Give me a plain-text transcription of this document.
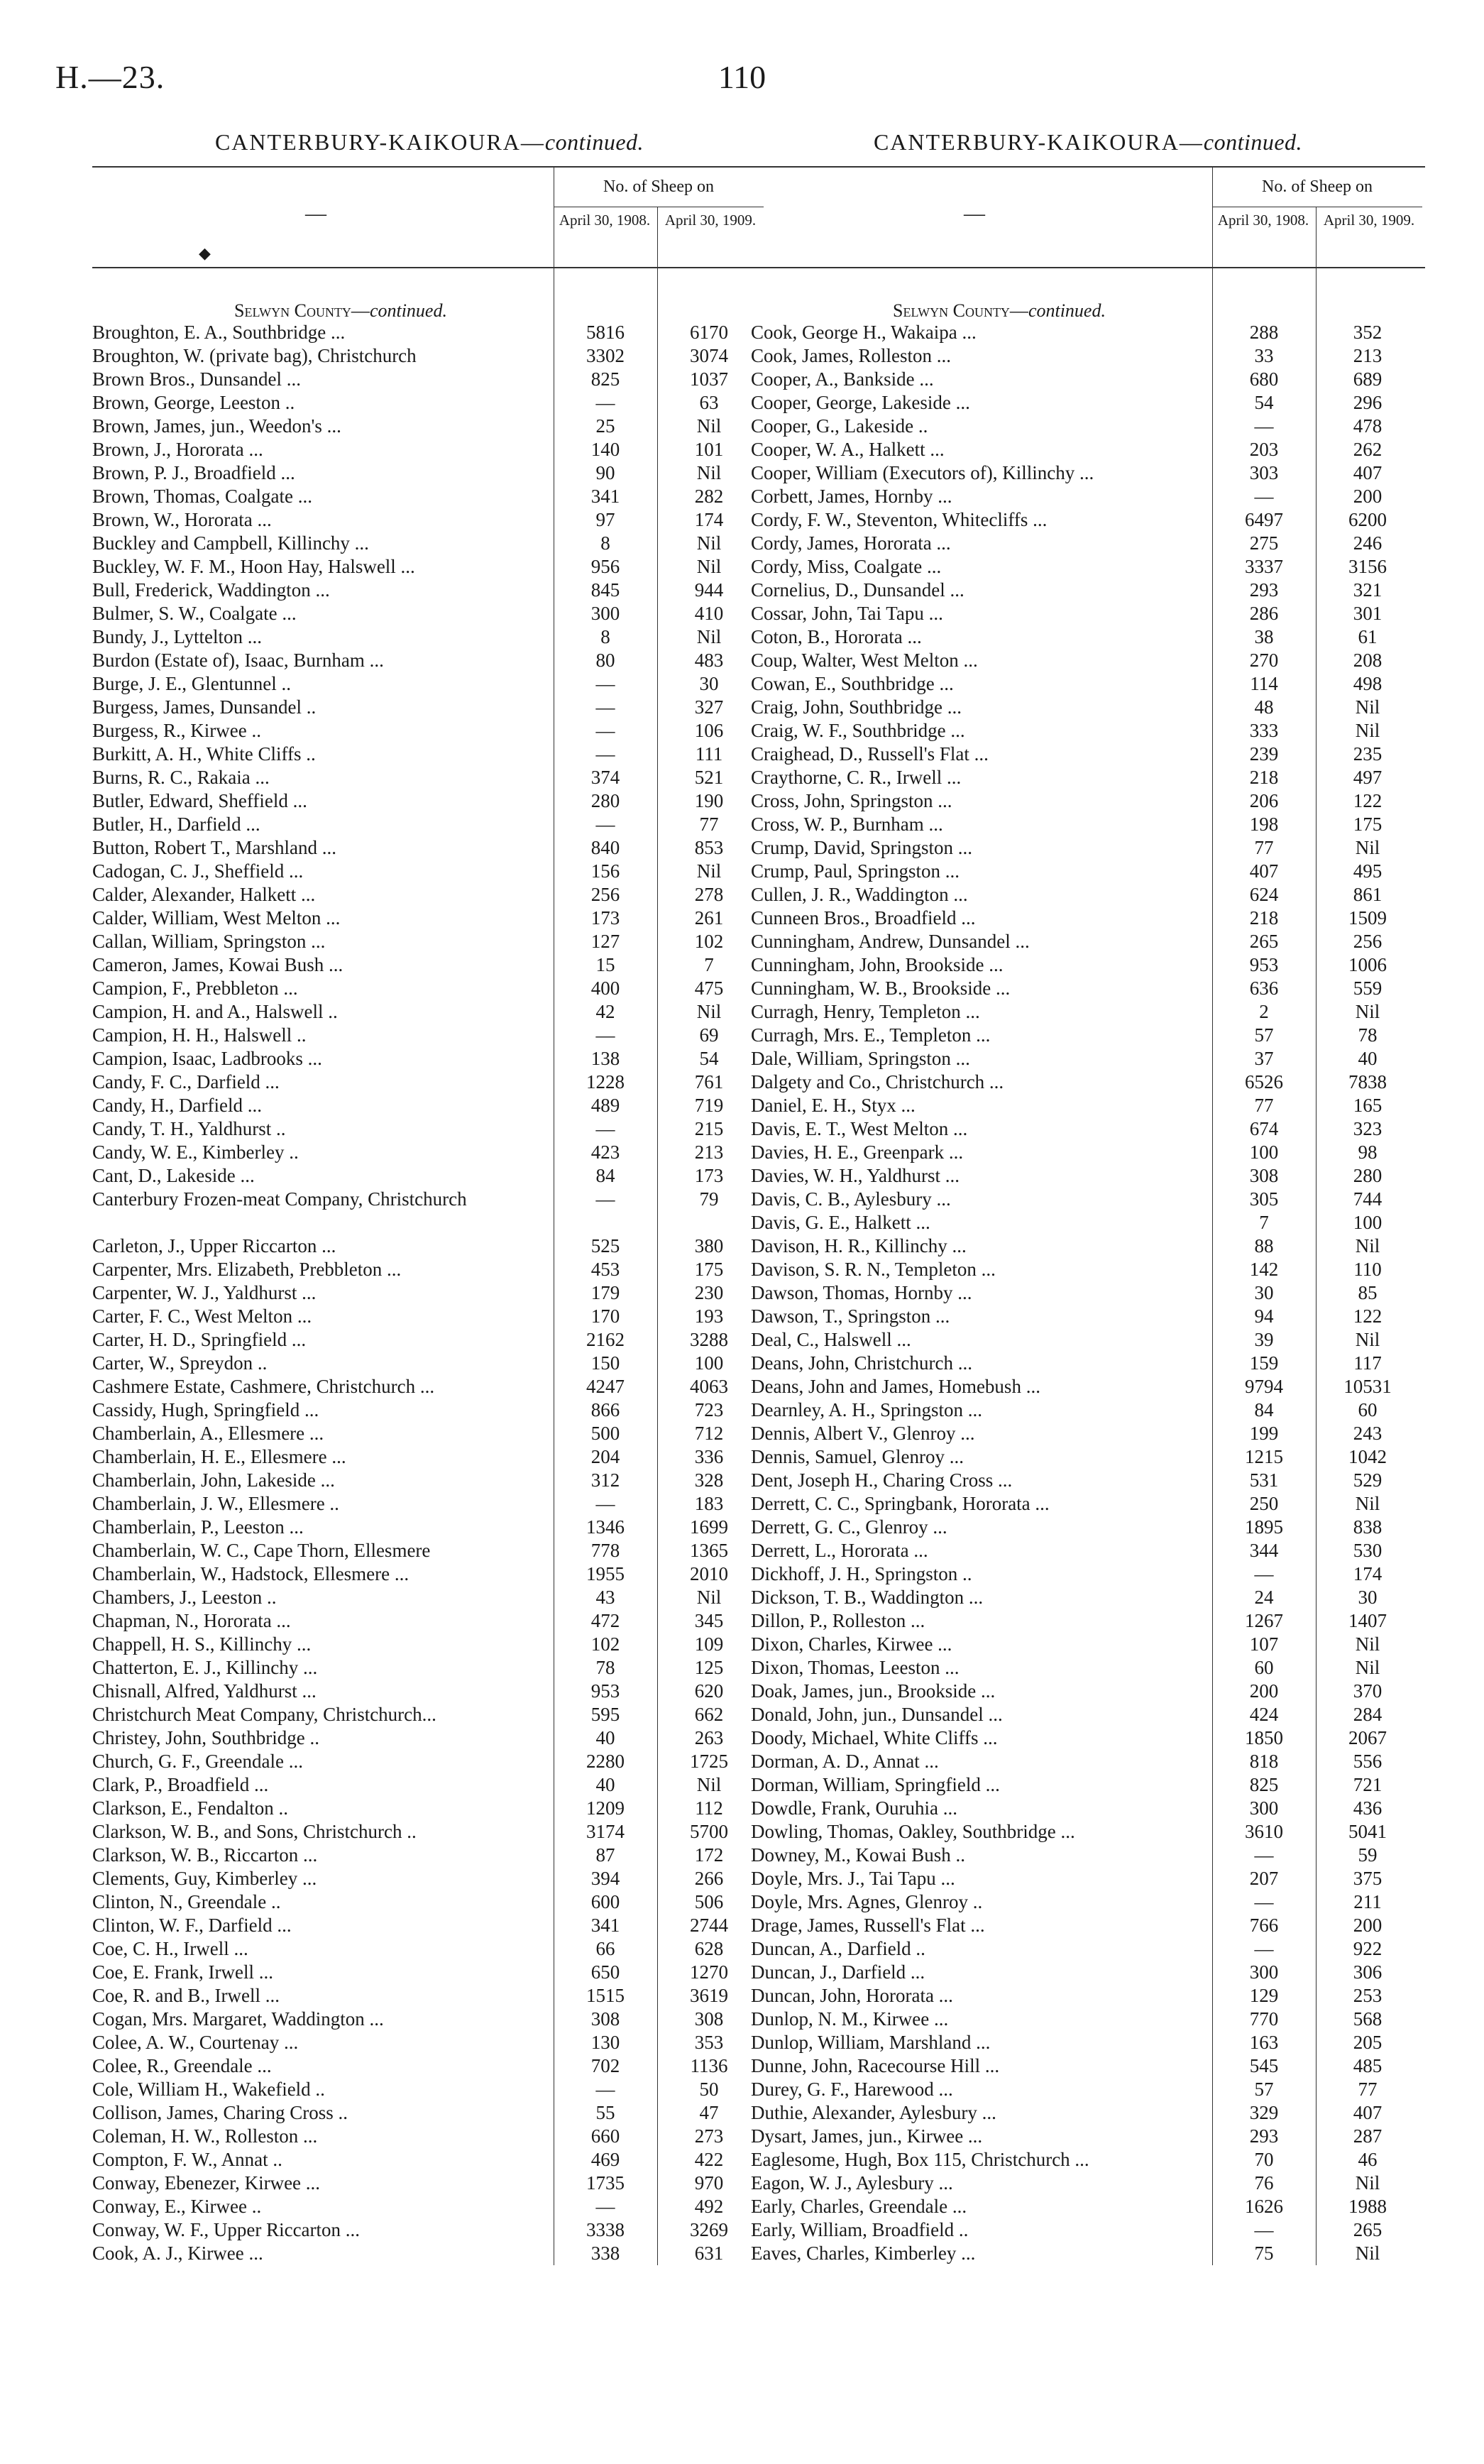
H.—23.	110
CANTERBURY-KAIKOURA—continued.
—
◆
No. of Sheep on
April 30, 1908. April 30, 1909.
Selwyn County—continued.
Broughton, E. A., Southbridge ...	5816	6170
Broughton, W. (private bag), Christchurch	3302	3074
Brown Bros., Dunsandel ...	825	1037
Brown, George, Leeston ..	—	63
Brown, James, jun., Weedon's ...	25	Nil
Brown, J., Hororata ...	140	101
Brown, P. J., Broadfield ...	90	Nil
Brown, Thomas, Coalgate ...	341	282
Brown, W., Hororata ...	97	174
Buckley and Campbell, Killinchy ...	8	Nil
Buckley, W. F. M., Hoon Hay, Halswell ...	956	Nil
Bull, Frederick, Waddington ...	845	944
Bulmer, S. W., Coalgate ...	300	410
Bundy, J., Lyttelton ...	8	Nil
Burdon (Estate of), Isaac, Burnham ...	80	483
Burge, J. E., Glentunnel ..	—	30
Burgess, James, Dunsandel ..	—	327
Burgess, R., Kirwee ..	—	106
Burkitt, A. H., White Cliffs ..	—	111
Burns, R. C., Rakaia ...	374	521
Butler, Edward, Sheffield ...	280	190
Butler, H., Darfield ...	—	77
Button, Robert T., Marshland ...	840	853
Cadogan, C. J., Sheffield ...	156	Nil
Calder, Alexander, Halkett ...	256	278
Calder, William, West Melton ...	173	261
Callan, William, Springston ...	127	102
Cameron, James, Kowai Bush ...	15	7
Campion, F., Prebbleton ...	400	475
Campion, H. and A., Halswell ..	42	Nil
Campion, H. H., Halswell ..	—	69
Campion, Isaac, Ladbrooks ...	138	54
Candy, F. C., Darfield ...	1228	761
Candy, H., Darfield ...	489	719
Candy, T. H., Yaldhurst ..	—	215
Candy, W. E., Kimberley ..	423	213
Cant, D., Lakeside ...	84	173
Canterbury Frozen-meat Company, Christchurch	—	79
Carleton, J., Upper Riccarton ...	525	380
Carpenter, Mrs. Elizabeth, Prebbleton ...	453	175
Carpenter, W. J., Yaldhurst ...	179	230
Carter, F. C., West Melton ...	170	193
Carter, H. D., Springfield ...	2162	3288
Carter, W., Spreydon ..	150	100
Cashmere Estate, Cashmere, Christchurch ...	4247	4063
Cassidy, Hugh, Springfield ...	866	723
Chamberlain, A., Ellesmere ...	500	712
Chamberlain, H. E., Ellesmere ...	204	336
Chamberlain, John, Lakeside ...	312	328
Chamberlain, J. W., Ellesmere ..	—	183
Chamberlain, P., Leeston ...	1346	1699
Chamberlain, W. C., Cape Thorn, Ellesmere	778	1365
Chamberlain, W., Hadstock, Ellesmere ...	1955	2010
Chambers, J., Leeston ..	43	Nil
Chapman, N., Hororata ...	472	345
Chappell, H. S., Killinchy ...	102	109
Chatterton, E. J., Killinchy ...	78	125
Chisnall, Alfred, Yaldhurst ...	953	620
Christchurch Meat Company, Christchurch...	595	662
Christey, John, Southbridge ..	40	263
Church, G. F., Greendale ...	2280	1725
Clark, P., Broadfield ...	40	Nil
Clarkson, E., Fendalton ..	1209	112
Clarkson, W. B., and Sons, Christchurch ..	3174	5700
Clarkson, W. B., Riccarton ...	87	172
Clements, Guy, Kimberley ...	394	266
Clinton, N., Greendale ..	600	506
Clinton, W. F., Darfield ...	341	2744
Coe, C. H., Irwell ...	66	628
Coe, E. Frank, Irwell ...	650	1270
Coe, R. and B., Irwell ...	1515	3619
Cogan, Mrs. Margaret, Waddington ...	308	308
Colee, A. W., Courtenay ...	130	353
Colee, R., Greendale ...	702	1136
Cole, William H., Wakefield ..	—	50
Collison, James, Charing Cross ..	55	47
Coleman, H. W., Rolleston ...	660	273
Compton, F. W., Annat ..	469	422
Conway, Ebenezer, Kirwee ...	1735	970
Conway, E., Kirwee ..	—	492
Conway, W. F., Upper Riccarton ...	3338	3269
Cook, A. J., Kirwee ...	338	631
CANTERBURY-KAIKOURA—continued.
—
No. of Sheep on
April 30, 1908. April 30, 1909.
Selwyn County—continued.
Cook, George H., Wakaipa ...	288	352
Cook, James, Rolleston ...	33	213
Cooper, A., Bankside ...	680	689
Cooper, George, Lakeside ...	54	296
Cooper, G., Lakeside ..	—	478
Cooper, W. A., Halkett ...	203	262
Cooper, William (Executors of), Killinchy ...	303	407
Corbett, James, Hornby ...	—	200
Cordy, F. W., Steventon, Whitecliffs ...	6497	6200
Cordy, James, Hororata ...	275	246
Cordy, Miss, Coalgate ...	3337	3156
Cornelius, D., Dunsandel ...	293	321
Cossar, John, Tai Tapu ...	286	301
Coton, B., Hororata ...	38	61
Coup, Walter, West Melton ...	270	208
Cowan, E., Southbridge ...	114	498
Craig, John, Southbridge ...	48	Nil
Craig, W. F., Southbridge ...	333	Nil
Craighead, D., Russell's Flat ...	239	235
Craythorne, C. R., Irwell ...	218	497
Cross, John, Springston ...	206	122
Cross, W. P., Burnham ...	198	175
Crump, David, Springston ...	77	Nil
Crump, Paul, Springston ...	407	495
Cullen, J. R., Waddington ...	624	861
Cunneen Bros., Broadfield ...	218	1509
Cunningham, Andrew, Dunsandel ...	265	256
Cunningham, John, Brookside ...	953	1006
Cunningham, W. B., Brookside ...	636	559
Curragh, Henry, Templeton ...	2	Nil
Curragh, Mrs. E., Templeton ...	57	78
Dale, William, Springston ...	37	40
Dalgety and Co., Christchurch ...	6526	7838
Daniel, E. H., Styx ...	77	165
Davis, E. T., West Melton ...	674	323
Davies, H. E., Greenpark ...	100	98
Davies, W. H., Yaldhurst ...	308	280
Davis, C. B., Aylesbury ...	305	744
Davis, G. E., Halkett ...	7	100
Davison, H. R., Killinchy ...	88	Nil
Davison, S. R. N., Templeton ...	142	110
Dawson, Thomas, Hornby ...	30	85
Dawson, T., Springston ...	94	122
Deal, C., Halswell ...	39	Nil
Deans, John, Christchurch ...	159	117
Deans, John and James, Homebush ...	9794	10531
Dearnley, A. H., Springston ...	84	60
Dennis, Albert V., Glenroy ...	199	243
Dennis, Samuel, Glenroy ...	1215	1042
Dent, Joseph H., Charing Cross ...	531	529
Derrett, C. C., Springbank, Hororata ...	250	Nil
Derrett, G. C., Glenroy ...	1895	838
Derrett, L., Hororata ...	344	530
Dickhoff, J. H., Springston ..	—	174
Dickson, T. B., Waddington ...	24	30
Dillon, P., Rolleston ...	1267	1407
Dixon, Charles, Kirwee ...	107	Nil
Dixon, Thomas, Leeston ...	60	Nil
Doak, James, jun., Brookside ...	200	370
Donald, John, jun., Dunsandel ...	424	284
Doody, Michael, White Cliffs ...	1850	2067
Dorman, A. D., Annat ...	818	556
Dorman, William, Springfield ...	825	721
Dowdle, Frank, Ouruhia ...	300	436
Dowling, Thomas, Oakley, Southbridge ...	3610	5041
Downey, M., Kowai Bush ..	—	59
Doyle, Mrs. J., Tai Tapu ...	207	375
Doyle, Mrs. Agnes, Glenroy ..	—	211
Drage, James, Russell's Flat ...	766	200
Duncan, A., Darfield ..	—	922
Duncan, J., Darfield ...	300	306
Duncan, John, Hororata ...	129	253
Dunlop, N. M., Kirwee ...	770	568
Dunlop, William, Marshland ...	163	205
Dunne, John, Racecourse Hill ...	545	485
Durey, G. F., Harewood ...	57	77
Duthie, Alexander, Aylesbury ...	329	407
Dysart, James, jun., Kirwee ...	293	287
Eaglesome, Hugh, Box 115, Christchurch ...	70	46
Eagon, W. J., Aylesbury ...	76	Nil
Early, Charles, Greendale ...	1626	1988
Early, William, Broadfield ..	—	265
Eaves, Charles, Kimberley ...	75	Nil
